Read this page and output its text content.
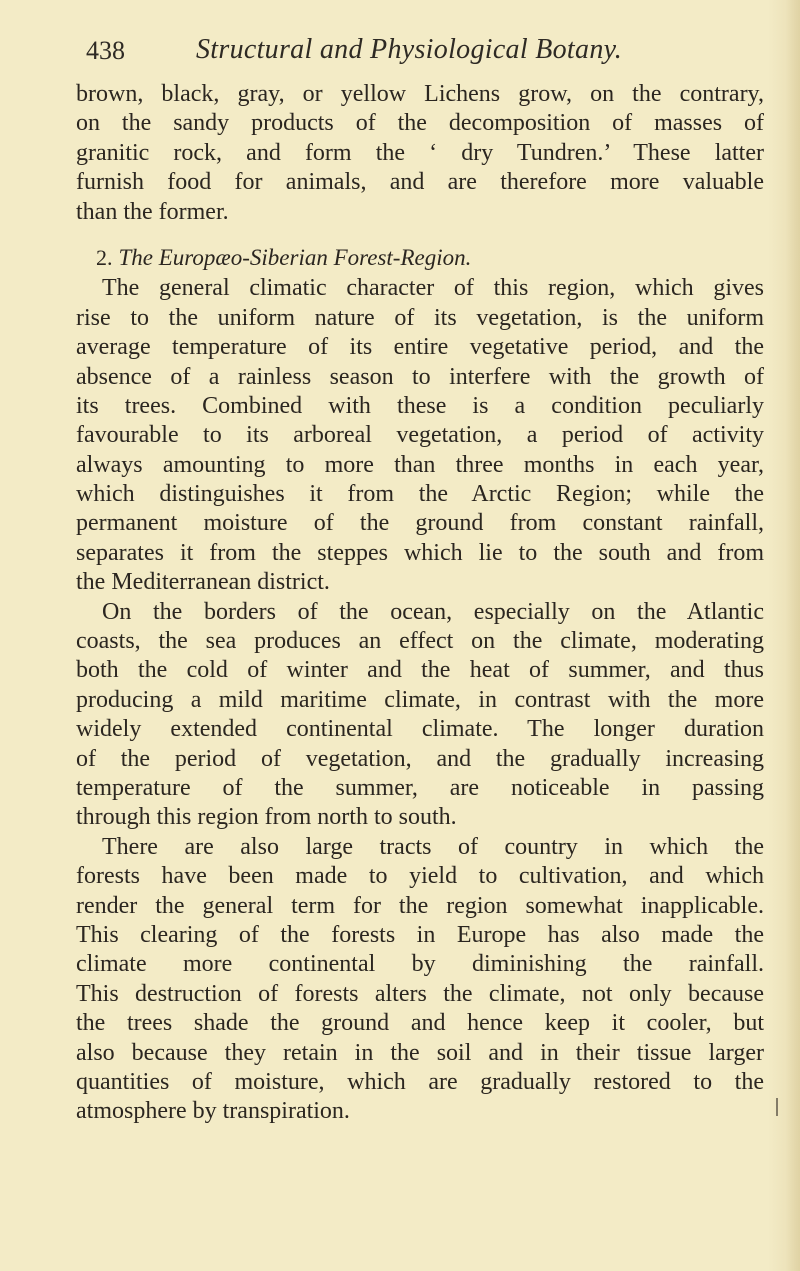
438	Structural and Physiological Botany.
brown, black, gray, or yellow Lichens grow, on the contrary,
on the sandy products of the decomposition of masses of
granitic rock, and form the ‘ dry Tundren.’ These latter
furnish food for animals, and are therefore more valuable
than the former.
2. The Europæo-Siberian Forest-Region.
The general climatic character of this region, which gives
rise to the uniform nature of its vegetation, is the uniform
average temperature of its entire vegetative period, and the
absence of a rainless season to interfere with the growth of
its trees. Combined with these is a condition peculiarly
favourable to its arboreal vegetation, a period of activity
always amounting to more than three months in each year,
which distinguishes it from the Arctic Region; while the
permanent moisture of the ground from constant rainfall,
separates it from the steppes which lie to the south and from
the Mediterranean district.
On the borders of the ocean, especially on the Atlantic
coasts, the sea produces an effect on the climate, moderating
both the cold of winter and the heat of summer, and thus
producing a mild maritime climate, in contrast with the more
widely extended continental climate. The longer duration
of the period of vegetation, and the gradually increasing
temperature of the summer, are noticeable in passing
through this region from north to south.
There are also large tracts of country in which the
forests have been made to yield to cultivation, and which
render the general term for the region somewhat inapplicable.
This clearing of the forests in Europe has also made the
climate more continental by diminishing the rainfall.
This destruction of forests alters the climate, not only because
the trees shade the ground and hence keep it cooler, but
also because they retain in the soil and in their tissue larger
quantities of moisture, which are gradually restored to the
atmosphere by transpiration.
